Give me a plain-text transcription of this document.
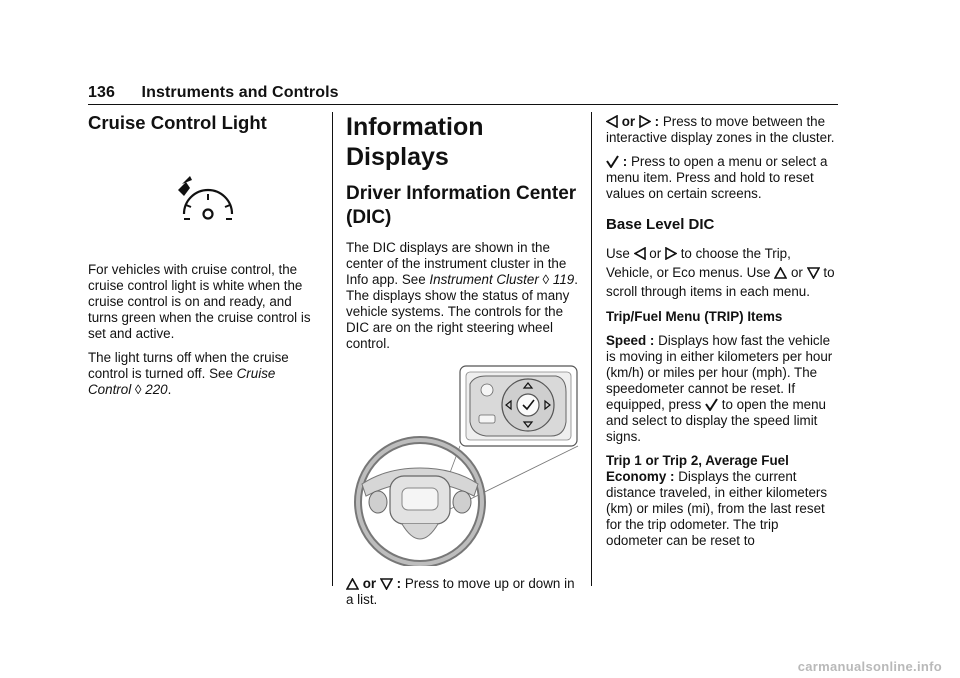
136 Instruments and Controls
Cruise Control Light

For vehicles with cruise control, the cruise control light is white when the cruise control is on and ready, and turns green when the cruise control is set and active.

The light turns off when the cruise control is turned off. See Cruise Control ◊ 220.

Information Displays
Driver Information Center (DIC)

The DIC displays are shown in the center of the instrument cluster in the Info app. See Instrument Cluster ◊ 119. The displays show the status of many vehicle systems. The controls for the DIC are on the right steering wheel control.

or : Press to move up or down in a list.

or : Press to move between the interactive display zones in the cluster.

: Press to open a menu or select a menu item. Press and hold to reset values on certain screens.

Base Level DIC

Use or to choose the Trip, Vehicle, or Eco menus. Use or to scroll through items in each menu.

Trip/Fuel Menu (TRIP) Items

Speed : Displays how fast the vehicle is moving in either kilometers per hour (km/h) or miles per hour (mph). The speedometer cannot be reset. If equipped, press to open the menu and select to display the speed limit signs.

Trip 1 or Trip 2, Average Fuel Economy : Displays the current distance traveled, in either kilometers (km) or miles (mi), from the last reset for the trip odometer. The trip odometer can be reset to

carmanualsonline.info
